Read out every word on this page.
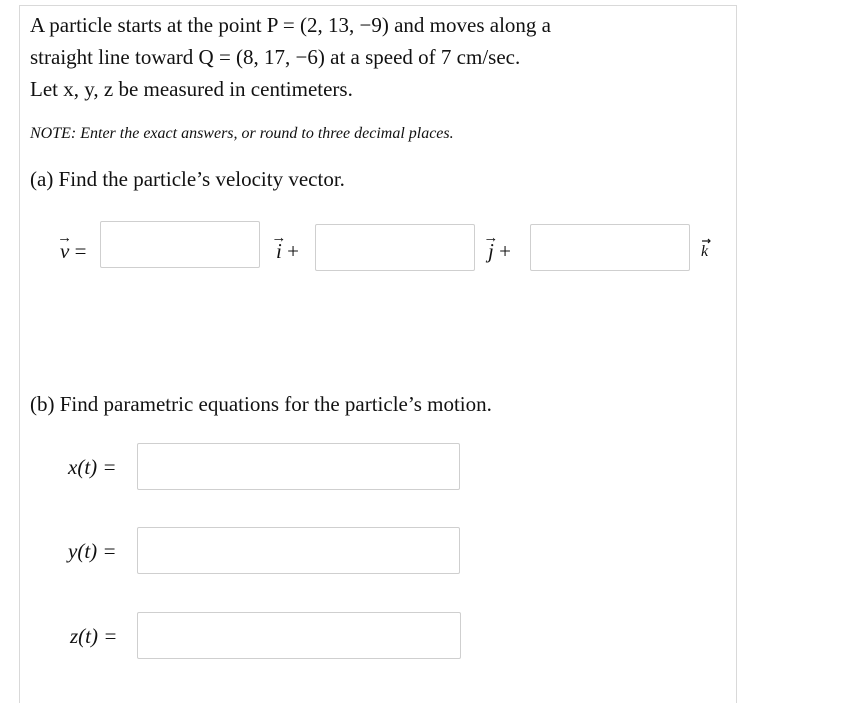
A particle starts at the point P = (2, 13, −9) and moves along a
straight line toward Q = (8, 17, −6) at a speed of 7 cm/sec.
Let x, y, z be measured in centimeters.

NOTE: Enter the exact answers, or round to three decimal places.

(a) Find the particle’s velocity vector.

→ v =	→ i +	→ j +	k

(b) Find parametric equations for the particle’s motion.

x(t) =
y(t) =
z(t) =
